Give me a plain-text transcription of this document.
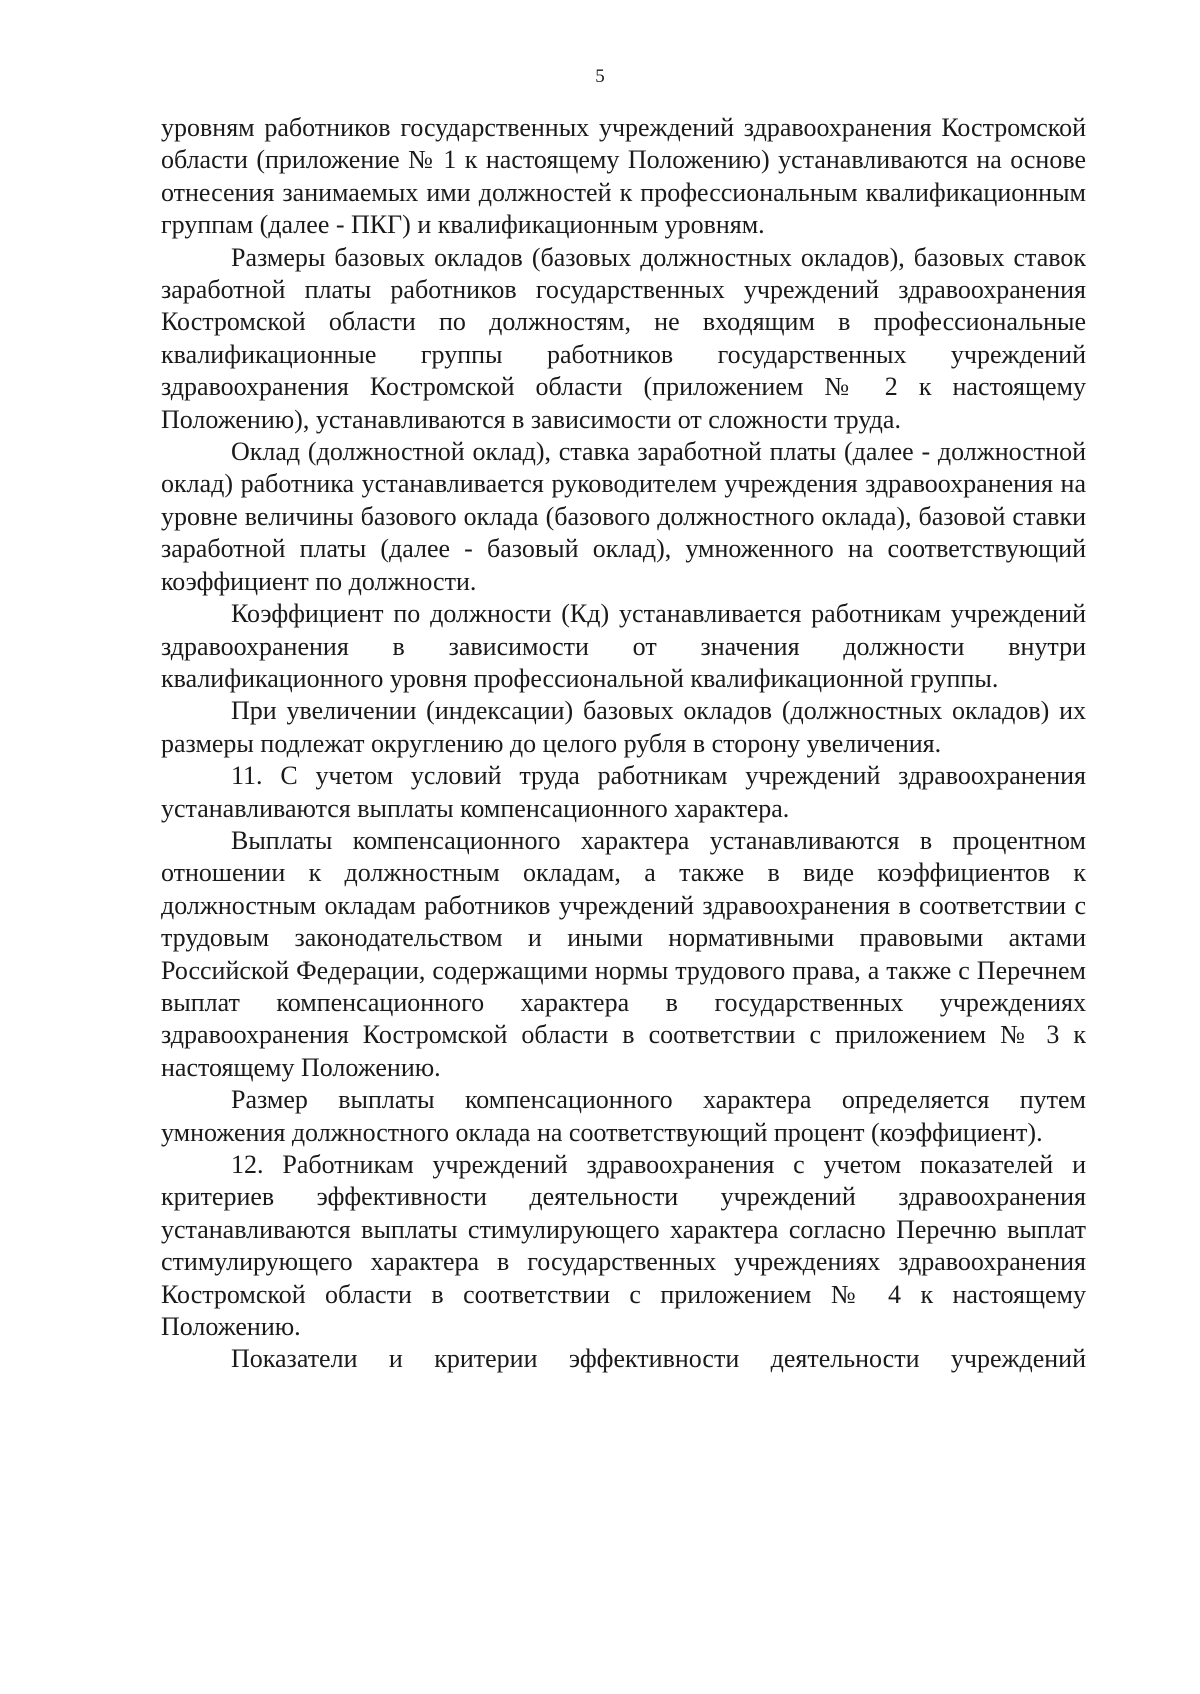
5

уровням работников государственных учреждений здравоохранения Костромской области (приложение № 1 к настоящему Положению) устанавливаются на основе отнесения занимаемых ими должностей к профессиональным квалификационным группам (далее - ПКГ) и квалификационным уровням.

Размеры базовых окладов (базовых должностных окладов), базовых ставок заработной платы работников государственных учреждений здравоохранения Костромской области по должностям, не входящим в профессиональные квалификационные группы работников государственных учреждений здравоохранения Костромской области (приложением № 2 к настоящему Положению), устанавливаются в зависимости от сложности труда.

Оклад (должностной оклад), ставка заработной платы (далее - должностной оклад) работника устанавливается руководителем учреждения здравоохранения на уровне величины базового оклада (базового должностного оклада), базовой ставки заработной платы (далее - базовый оклад), умноженного на соответствующий коэффициент по должности.

Коэффициент по должности (Кд) устанавливается работникам учреждений здравоохранения в зависимости от значения должности внутри квалификационного уровня профессиональной квалификационной группы.

При увеличении (индексации) базовых окладов (должностных окладов) их размеры подлежат округлению до целого рубля в сторону увеличения.

11. С учетом условий труда работникам учреждений здравоохранения устанавливаются выплаты компенсационного характера.

Выплаты компенсационного характера устанавливаются в процентном отношении к должностным окладам, а также в виде коэффициентов к должностным окладам работников учреждений здравоохранения в соответствии с трудовым законодательством и иными нормативными правовыми актами Российской Федерации, содержащими нормы трудового права, а также с Перечнем выплат компенсационного характера в государственных учреждениях здравоохранения Костромской области в соответствии с приложением № 3 к настоящему Положению.

Размер выплаты компенсационного характера определяется путем умножения должностного оклада на соответствующий процент (коэффициент).

12. Работникам учреждений здравоохранения с учетом показателей и критериев эффективности деятельности учреждений здравоохранения устанавливаются выплаты стимулирующего характера согласно Перечню выплат стимулирующего характера в государственных учреждениях здравоохранения Костромской области в соответствии с приложением № 4 к настоящему Положению.

Показатели и критерии эффективности деятельности учреждений
